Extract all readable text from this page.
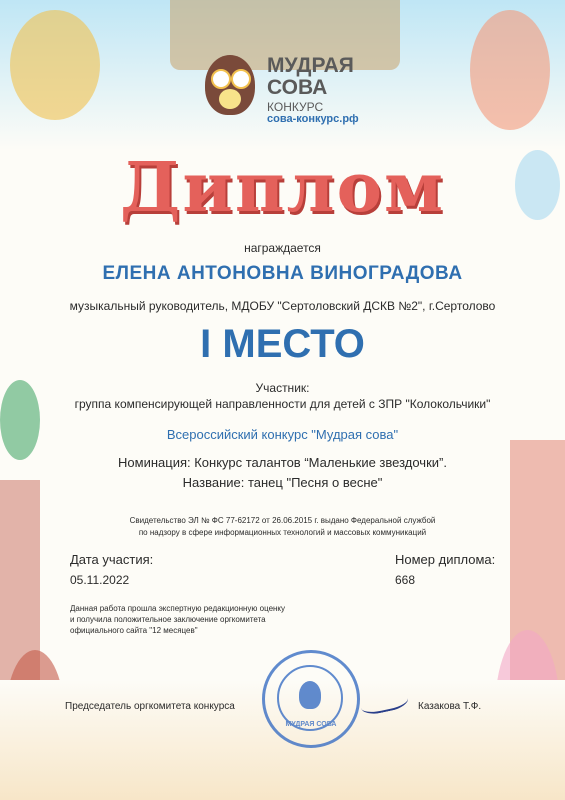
МУДРАЯ
СОВА
КОНКУРС
сова-конкурс.рф
Диплом
награждается
ЕЛЕНА АНТОНОВНА ВИНОГРАДОВА
музыкальный руководитель, МДОБУ "Сертоловский ДСКВ №2", г.Сертолово
I МЕСТО
Участник:
группа компенсирующей направленности для детей с ЗПР "Колокольчики"
Всероссийский конкурс "Мудрая сова"
Номинация: Конкурс талантов “Маленькие звездочки”.
Название: танец "Песня о весне"
Свидетельство ЭЛ № ФС 77-62172 от 26.06.2015 г. выдано Федеральной службой
по надзору в сфере информационных технологий и массовых коммуникаций
Дата участия:
05.11.2022
Номер диплома:
668
Данная работа прошла экспертную редакционную оценку
и получила положительное заключение оргкомитета
официального сайта "12 месяцев"
МУДРАЯ СОВА
Председатель оргкомитета конкурса	Казакова Т.Ф.
